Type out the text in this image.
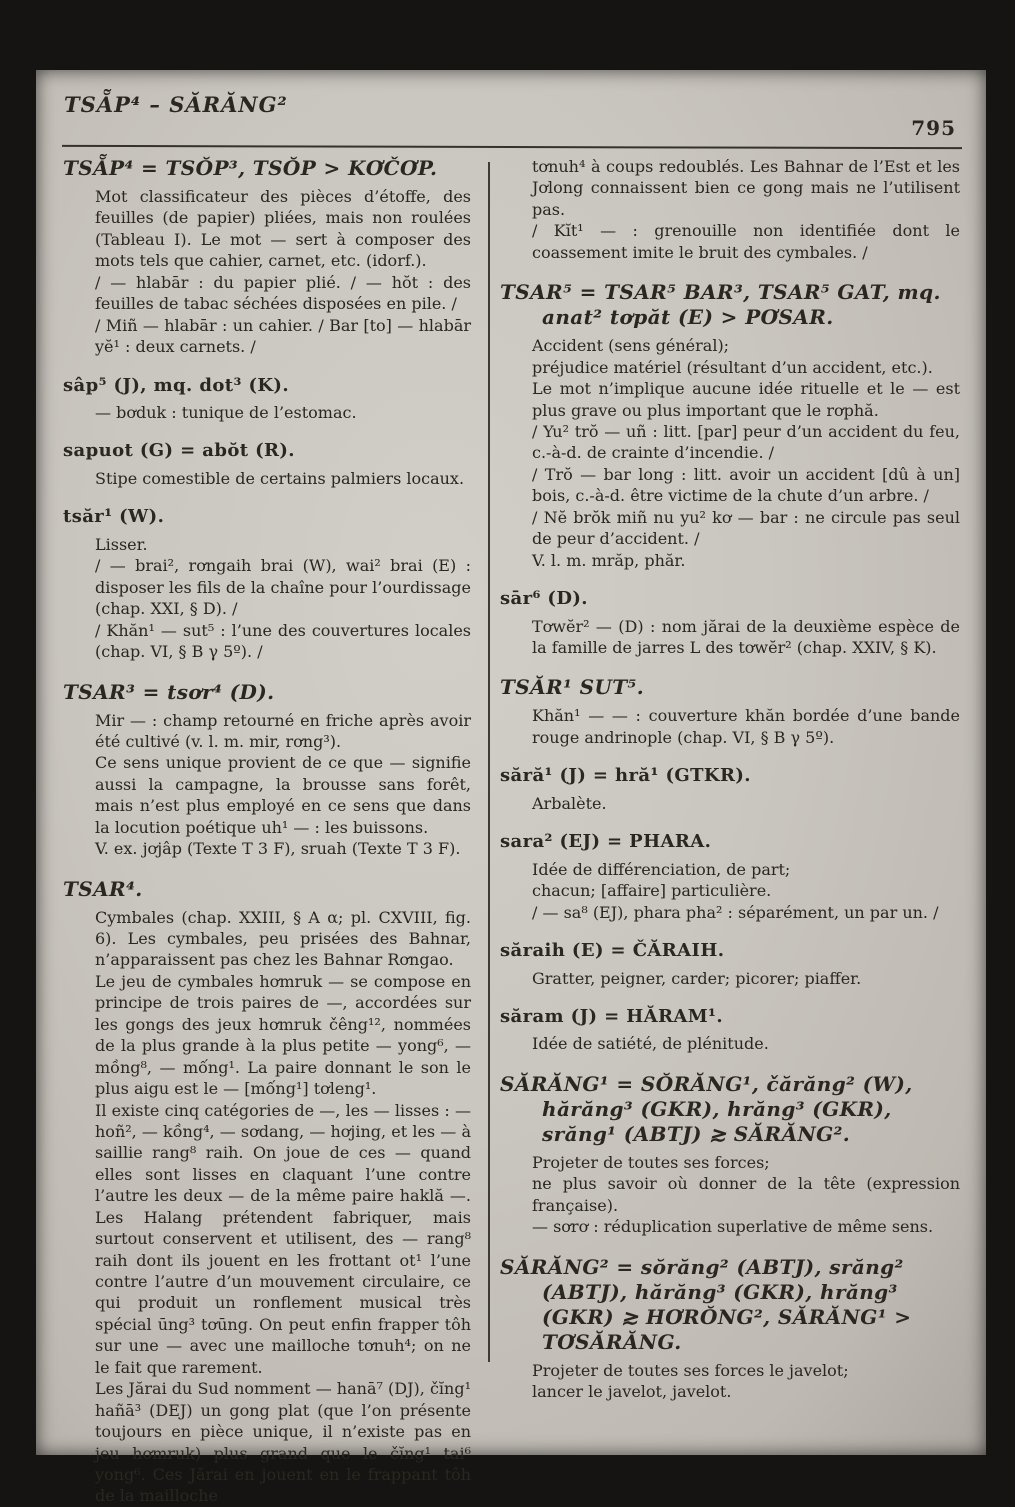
TSẴP⁴ – SĂRĂNG²
795

TSẴP⁴ = TSŎP³, TSŎP > KƠČƠP.

Mot classificateur des pièces d’étoffe, des feuilles (de papier) pliées, mais non roulées (Tableau I). Le mot — sert à composer des mots tels que cahier, carnet, etc. (idorf.).

/ — hlabār : du papier plié. / — hŏt : des feuilles de tabac séchées disposées en pile. /

/ Miñ — hlabār : un cahier. / Bar [to] — hlabār yĕ¹ : deux carnets. /

sâp⁵ (J), mq. dot³ (K).

— bơduk : tunique de l’estomac.

sapuot (G) = abŏt (R).

Stipe comestible de certains palmiers locaux.

tsăr¹ (W).

Lisser.

/ — brai², rơngaih brai (W), wai² brai (E) : disposer les fils de la chaîne pour l’ourdissage (chap. XXI, § D). /

/ Khăn¹ — sut⁵ : l’une des couvertures locales (chap. VI, § B γ 5º). /

TSAR³ = tsơr⁴ (D).

Mir — : champ retourné en friche après avoir été cultivé (v. l. m. mir, rơng³).

Ce sens unique provient de ce que — signifie aussi la campagne, la brousse sans forêt, mais n’est plus employé en ce sens que dans la locution poétique uh¹ — : les buissons.

V. ex. jơjâp (Texte T 3 F), sruah (Texte T 3 F).

TSAR⁴.

Cymbales (chap. XXIII, § A α; pl. CXVIII, fig. 6). Les cymbales, peu prisées des Bahnar, n’apparaissent pas chez les Bahnar Rơngao.

Le jeu de cymbales hơmruk — se compose en principe de trois paires de —, accordées sur les gongs des jeux hơmruk čêng¹², nommées de la plus grande à la plus petite — yong⁶, — mồng⁸, — mống¹. La paire donnant le son le plus aigu est le — [mống¹] tơleng¹.

Il existe cinq catégories de —, les — lisses : — hoñ², — kồng⁴, — sơdang, — hơjing, et les — à saillie rang⁸ raih. On joue de ces — quand elles sont lisses en claquant l’une contre l’autre les deux — de la même paire haklă —. Les Halang prétendent fabriquer, mais surtout conservent et utilisent, des — rang⁸ raih dont ils jouent en les frottant ot¹ l’une contre l’autre d’un mouvement circulaire, ce qui produit un ronflement musical très spécial ūng³ tơūng. On peut enfin frapper tôh sur une — avec une mailloche tơnuh⁴; on ne le fait que rarement.

Les Jărai du Sud nomment — hanā⁷ (DJ), čĭng¹ hañā³ (DEJ) un gong plat (que l’on présente toujours en pièce unique, il n’existe pas en jeu hơmruk) plus grand que le čĭng¹ tai⁶ yong⁶. Ces Jărai en jouent en le frappant tôh de la mailloche

tơnuh⁴ à coups redoublés. Les Bahnar de l’Est et les Jơlong connaissent bien ce gong mais ne l’utilisent pas.

/ Kĭt¹ — : grenouille non identifiée dont le coassement imite le bruit des cymbales. /

TSAR⁵ = TSAR⁵ BAR³, TSAR⁵ GAT, mq. anat² tơpăt (E) > PƠSAR.

Accident (sens général);

préjudice matériel (résultant d’un accident, etc.).

Le mot n’implique aucune idée rituelle et le — est plus grave ou plus important que le rơphă.

/ Yu² trŏ — uñ : litt. [par] peur d’un accident du feu, c.-à-d. de crainte d’incendie. /

/ Trŏ — bar long : litt. avoir un accident [dû à un] bois, c.-à-d. être victime de la chute d’un arbre. /

/ Nĕ brŏk miñ nu yu² kơ — bar : ne circule pas seul de peur d’accident. /

V. l. m. mrăp, phăr.

sār⁶ (D).

Tơwĕr² — (D) : nom jărai de la deuxième espèce de la famille de jarres L des tơwĕr² (chap. XXIV, § K).

TSĂR¹ SUT⁵.

Khăn¹ — — : couverture khăn bordée d’une bande rouge andrinople (chap. VI, § B γ 5º).

sără¹ (J) = hră¹ (GTKR).

Arbalète.

sara² (EJ) = PHARA.

Idée de différenciation, de part;

chacun; [affaire] particulière.

/ — sa⁸ (EJ), phara pha² : séparément, un par un. /

săraih (E) = ČĂRAIH.

Gratter, peigner, carder; picorer; piaffer.

săram (J) = HĂRAM¹.

Idée de satiété, de plénitude.

SĂRĂNG¹ = SŎRĂNG¹, čărăng² (W), hărăng³ (GKR), hrăng³ (GKR), srăng¹ (ABTJ) ≳ SĂRĂNG².

Projeter de toutes ses forces;

ne plus savoir où donner de la tête (expression française).

— sơrơ : réduplication superlative de même sens.

SĂRĂNG² = sŏrăng² (ABTJ), srăng² (ABTJ), hărăng³ (GKR), hrăng³ (GKR) ≳ HƠRŎNG², SĂRĂNG¹ > TƠSĂRĂNG.

Projeter de toutes ses forces le javelot;

lancer le javelot, javelot.
